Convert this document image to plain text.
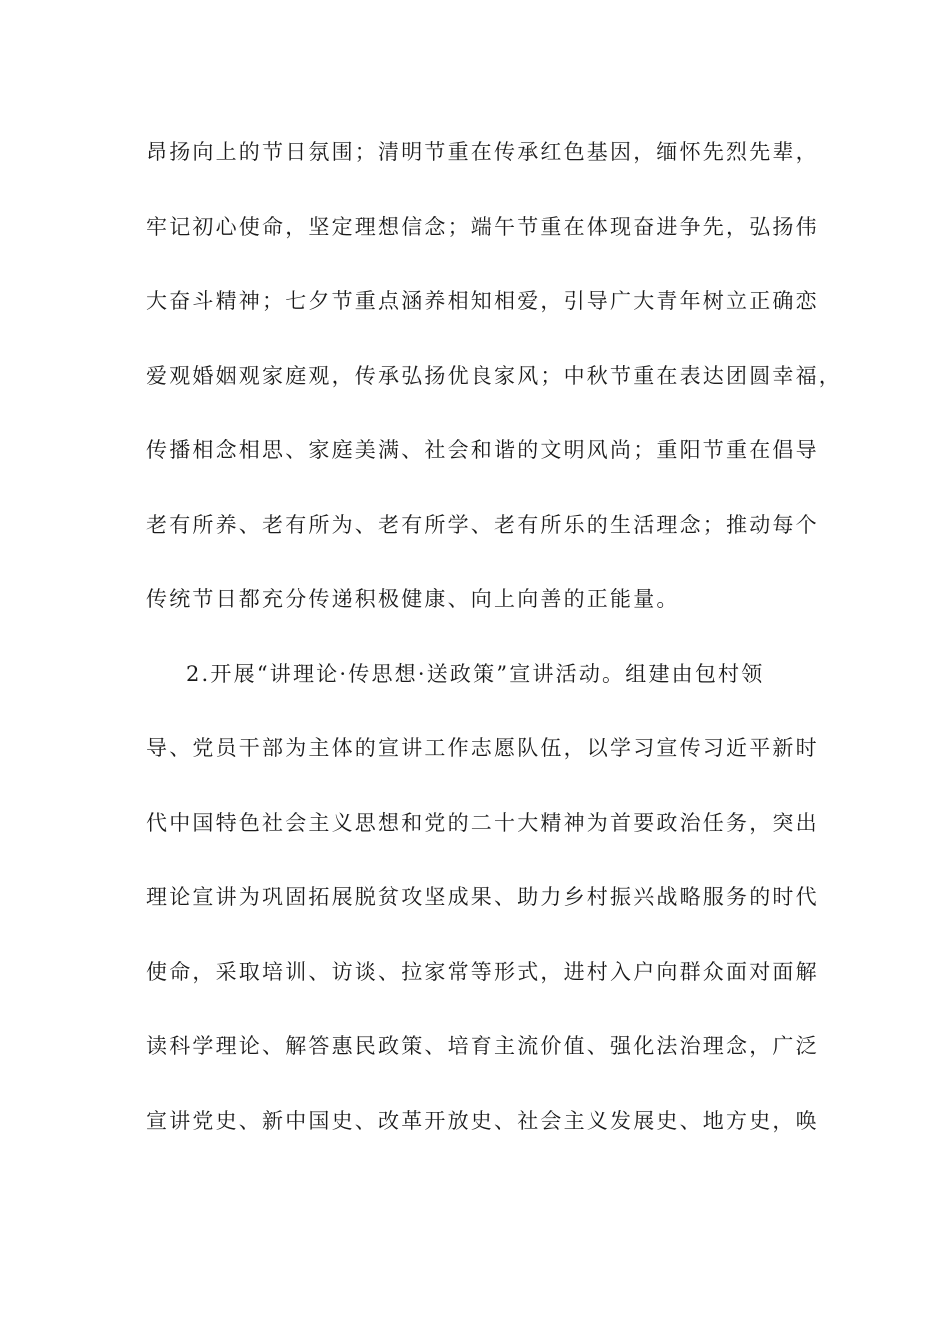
昂扬向上的节日氛围；清明节重在传承红色基因，缅怀先烈先辈，
牢记初心使命，坚定理想信念；端午节重在体现奋进争先，弘扬伟
大奋斗精神；七夕节重点涵养相知相爱，引导广大青年树立正确恋
爱观婚姻观家庭观，传承弘扬优良家风；中秋节重在表达团圆幸福，
传播相念相思、家庭美满、社会和谐的文明风尚；重阳节重在倡导
老有所养、老有所为、老有所学、老有所乐的生活理念；推动每个
传统节日都充分传递积极健康、向上向善的正能量。
2.开展“讲理论·传思想·送政策”宣讲活动。组建由包村领
导、党员干部为主体的宣讲工作志愿队伍，以学习宣传习近平新时
代中国特色社会主义思想和党的二十大精神为首要政治任务，突出
理论宣讲为巩固拓展脱贫攻坚成果、助力乡村振兴战略服务的时代
使命，采取培训、访谈、拉家常等形式，进村入户向群众面对面解
读科学理论、解答惠民政策、培育主流价值、强化法治理念，广泛
宣讲党史、新中国史、改革开放史、社会主义发展史、地方史，唤
